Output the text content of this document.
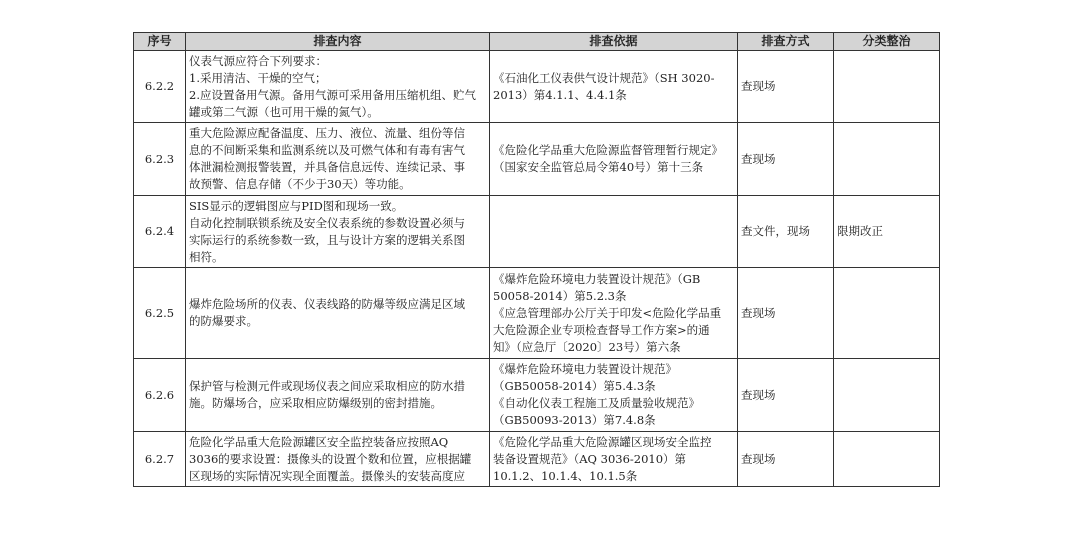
序号	排查内容	排查依据	排查方式	分类整治
6.2.2	仪表气源应符合下列要求：
1.采用清洁、干燥的空气；
2.应设置备用气源。备用气源可采用备用压缩机组、贮气
罐或第二气源（也可用干燥的氮气）。	《石油化工仪表供气设计规范》（SH 3020-
2013）第4.1.1、4.4.1条	查现场	
6.2.3	重大危险源应配备温度、压力、液位、流量、组份等信
息的不间断采集和监测系统以及可燃气体和有毒有害气
体泄漏检测报警装置，并具备信息远传、连续记录、事
故预警、信息存储（不少于30天）等功能。	《危险化学品重大危险源监督管理暂行规定》
（国家安全监管总局令第40号）第十三条	查现场	
6.2.4	SIS显示的逻辑图应与PID图和现场一致。
自动化控制联锁系统及安全仪表系统的参数设置必须与
实际运行的系统参数一致，且与设计方案的逻辑关系图
相符。		查文件，现场	限期改正
6.2.5	爆炸危险场所的仪表、仪表线路的防爆等级应满足区域
的防爆要求。	《爆炸危险环境电力装置设计规范》（GB
50058-2014）第5.2.3条
《应急管理部办公厅关于印发<危险化学品重
大危险源企业专项检查督导工作方案>的通
知》（应急厅〔2020〕23号）第六条	查现场	
6.2.6	保护管与检测元件或现场仪表之间应采取相应的防水措
施。防爆场合，应采取相应防爆级别的密封措施。	《爆炸危险环境电力装置设计规范》
（GB50058-2014）第5.4.3条
《自动化仪表工程施工及质量验收规范》
（GB50093-2013）第7.4.8条	查现场	
6.2.7	危险化学品重大危险源罐区安全监控装备应按照AQ
3036的要求设置：摄像头的设置个数和位置，应根据罐
区现场的实际情况实现全面覆盖。摄像头的安装高度应	《危险化学品重大危险源罐区现场安全监控
装备设置规范》（AQ 3036-2010）第
10.1.2、10.1.4、10.1.5条	查现场	
